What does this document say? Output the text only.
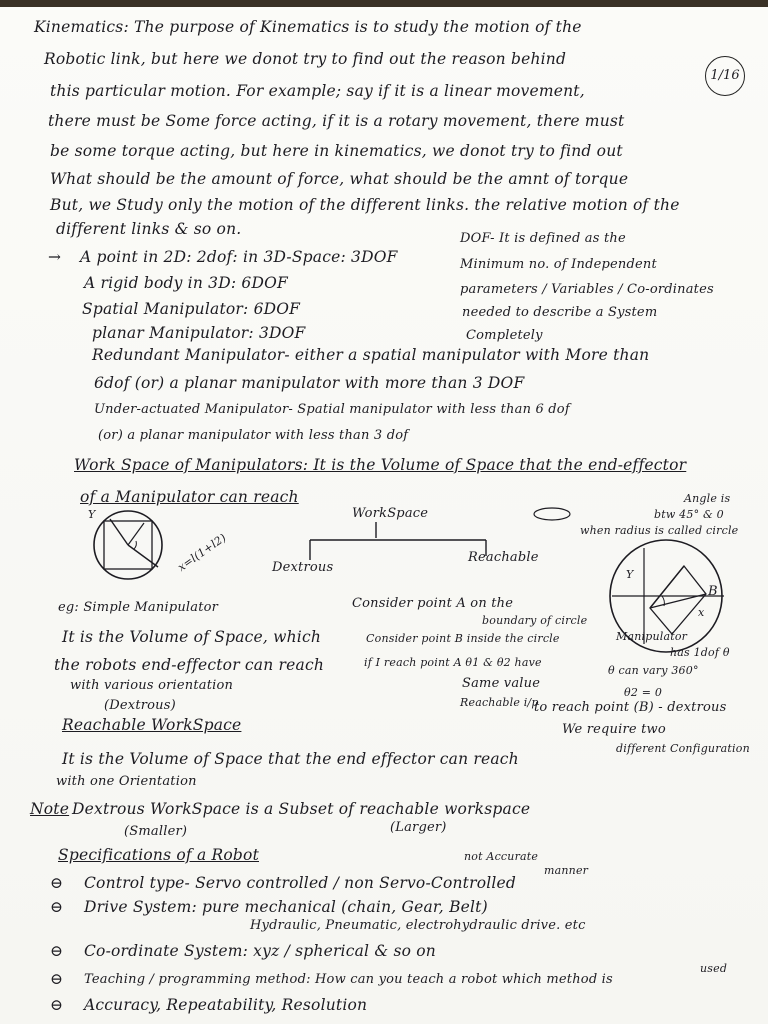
Kinematics: The purpose of Kinematics is to study the motion of the
Robotic link, but here we donot try to find out the reason behind
1/16
this particular motion. For example; say if it is a linear movement,
there must be Some force acting, if it is a rotary movement, there must
be some torque acting, but here in kinematics, we donot try to find out
What should be the amount of force, what should be the amnt of torque
But, we Study only the motion of the different links. the relative motion of the
different links & so on.
→ A point in 2D: 2dof: in 3D-Space: 3DOF
A rigid body in 3D: 6DOF
Spatial Manipulator: 6DOF
planar Manipulator: 3DOF
DOF- It is defined as the
Minimum no. of Independent
parameters / Variables / Co-ordinates
needed to describe a System
Completely
Redundant Manipulator- either a spatial manipulator with More than
6dof (or) a planar manipulator with more than 3 DOF
Under-actuated Manipulator- Spatial manipulator with less than 6 dof
(or) a planar manipulator with less than 3 dof
Work Space of Manipulators: It is the Volume of Space that the end-effector
of a Manipulator can reach
Y
x=l(1+l2)
WorkSpace
Dextrous
Reachable
Angle is
btw 45° & 0
when radius is called circle
Y
B
x
eg: Simple Manipulator	Consider point A on the
boundary of circle
It is the Volume of Space, which	Consider point B inside the circle	Manipulator
has 1dof θ
the robots end-effector can reach	if I reach point A θ1 & θ2 have
θ can vary 360°
with various orientation	Same value
θ2 = 0
(Dextrous)	Reachable i/p
to reach point (B) - dextrous
Reachable WorkSpace	We require two
different Configuration
It is the Volume of Space that the end effector can reach
with one Orientation
Note Dextrous WorkSpace is a Subset of reachable workspace
(Smaller)	(Larger)
Specifications of a Robot	not Accurate
manner
⊖ Control type- Servo controlled / non Servo-Controlled
⊖ Drive System: pure mechanical (chain, Gear, Belt)
Hydraulic, Pneumatic, electrohydraulic drive. etc
⊖ Co-ordinate System: xyz / spherical & so on
⊖ Teaching / programming method: How can you teach a robot which method is
used
⊖ Accuracy, Repeatability, Resolution
